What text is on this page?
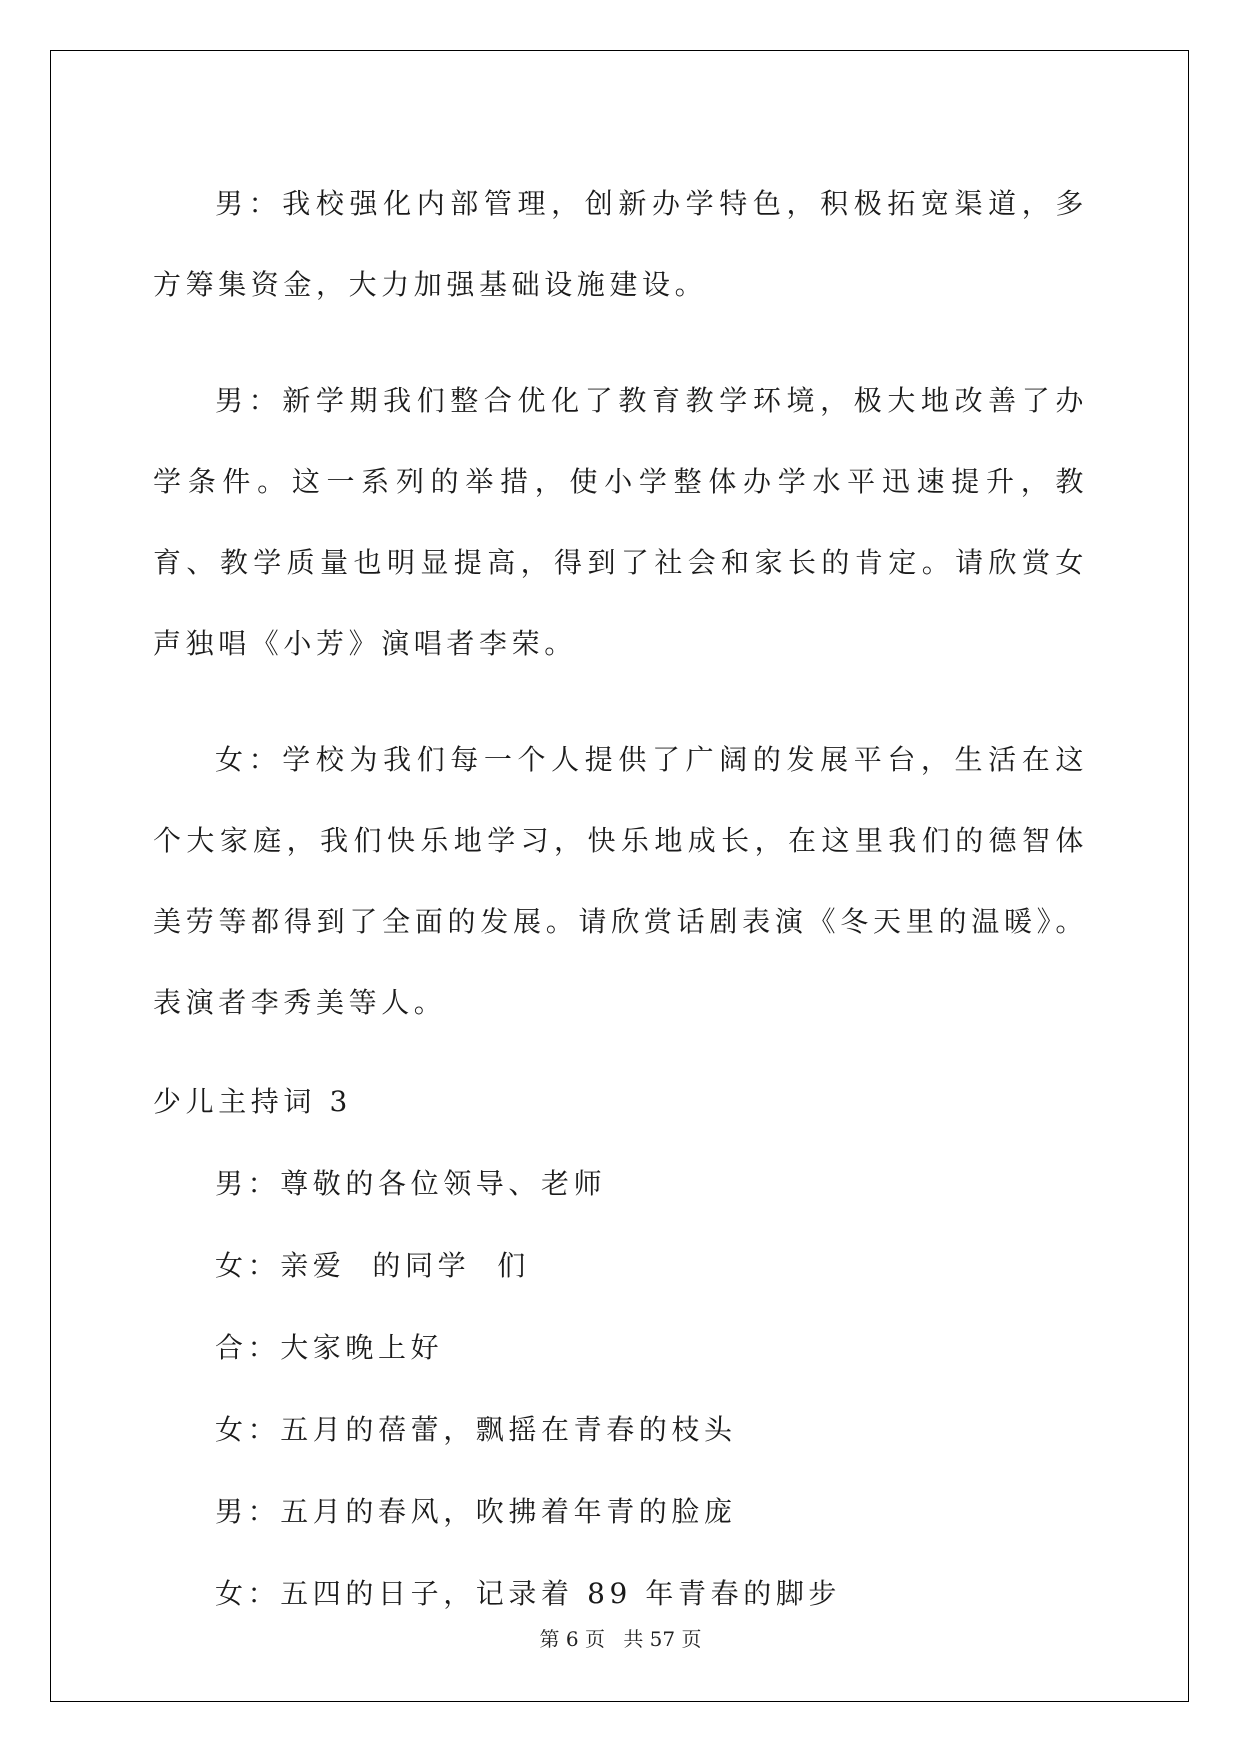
男：我校强化内部管理，创新办学特色，积极拓宽渠道，多方筹集资金，大力加强基础设施建设。

男：新学期我们整合优化了教育教学环境，极大地改善了办学条件。这一系列的举措，使小学整体办学水平迅速提升，教育、教学质量也明显提高，得到了社会和家长的肯定。请欣赏女声独唱《小芳》演唱者李荣。

女：学校为我们每一个人提供了广阔的发展平台，生活在这个大家庭，我们快乐地学习，快乐地成长，在这里我们的德智体美劳等都得到了全面的发展。请欣赏话剧表演《冬天里的温暖》。表演者李秀美等人。

少儿主持词 3

男：尊敬的各位领导、老师

女：亲爱  的同学  们

合：大家晚上好

女：五月的蓓蕾，飘摇在青春的枝头

男：五月的春风，吹拂着年青的脸庞

女：五四的日子，记录着 89 年青春的脚步

第 6 页 共 57 页
